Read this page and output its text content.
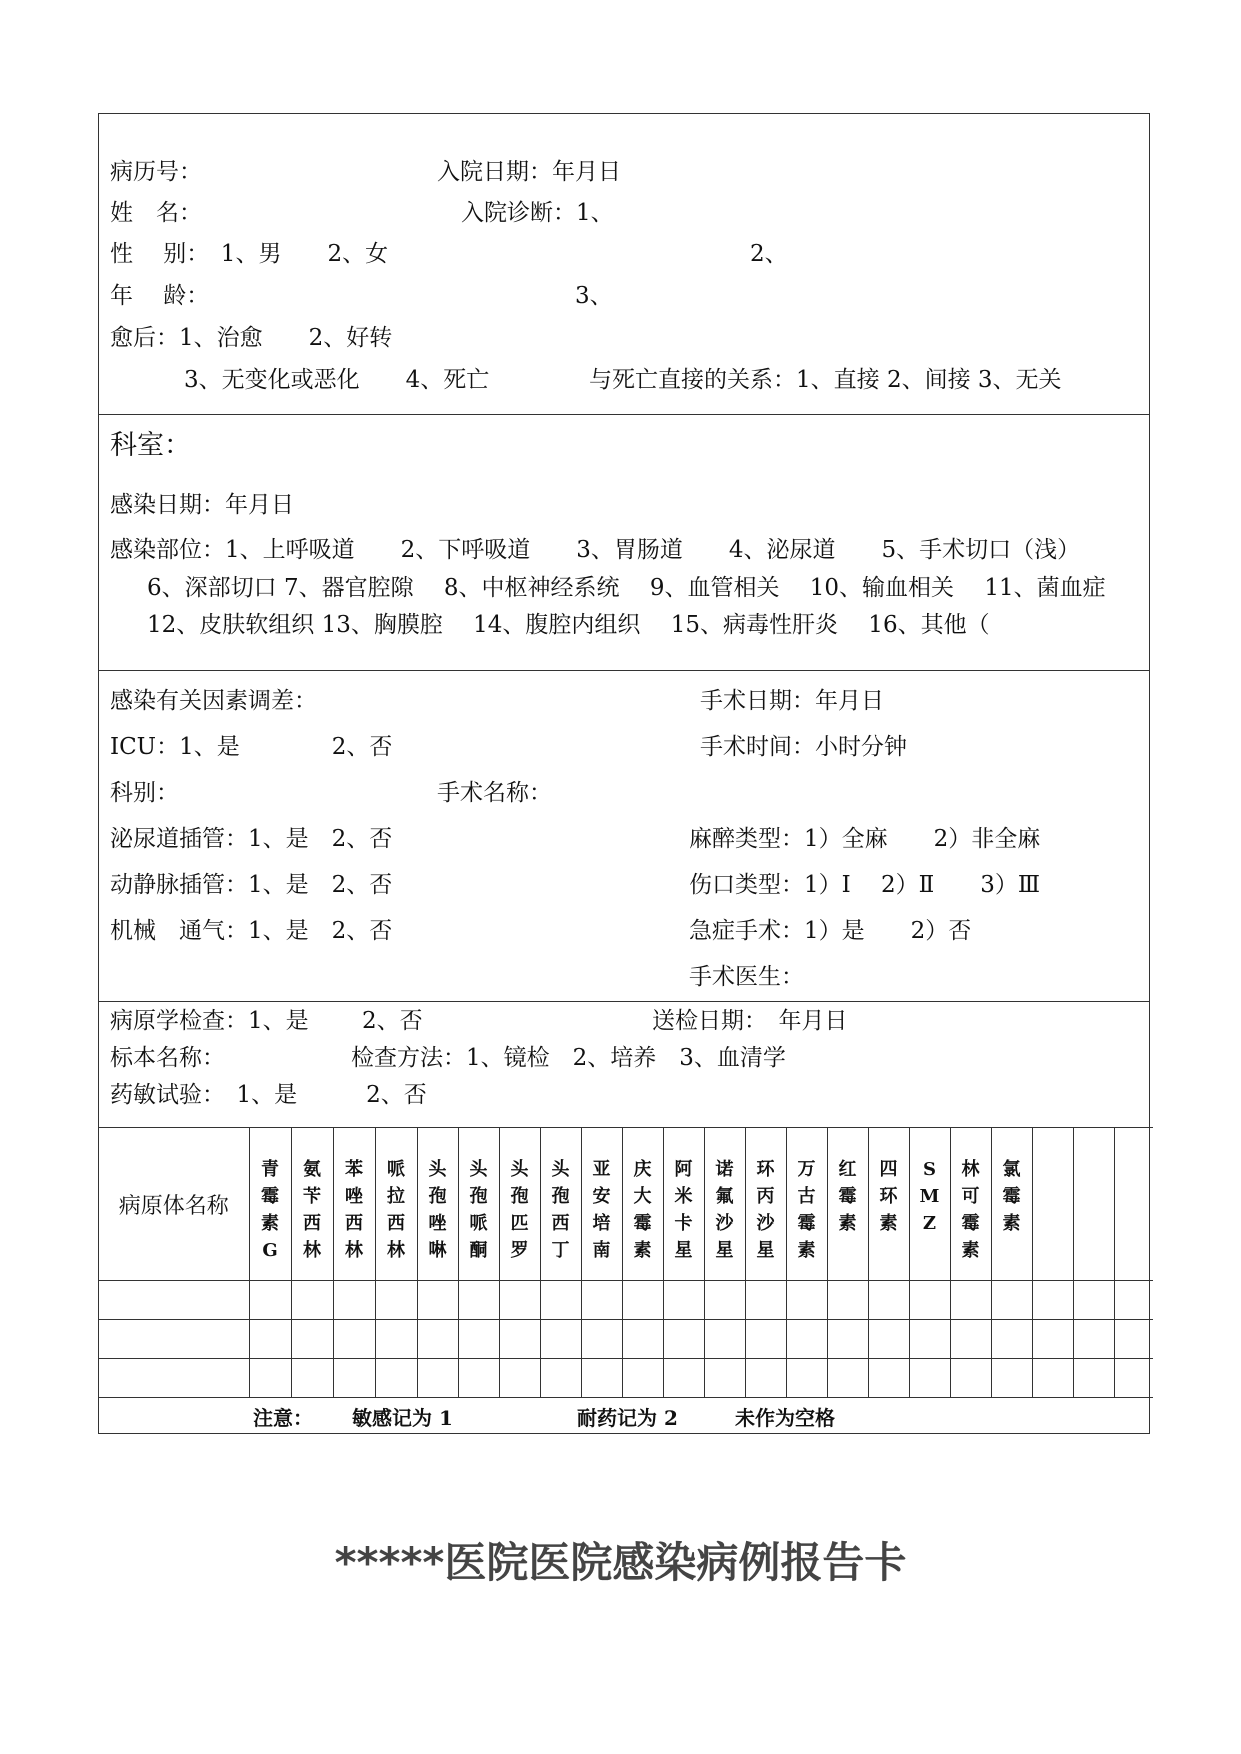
病历号：	入院日期：年月日
姓　名：	入院诊断：1、
性　 别：　1、男　　2、女	2、
年　 龄：	3、
愈后：1、治愈　　2、好转
3、无变化或恶化　　4、死亡	与死亡直接的关系：1、直接 2、间接 3、无关
科室：
感染日期：年月日
感染部位：1、上呼吸道　　2、下呼吸道　　3、胃肠道　　4、泌尿道　　5、手术切口（浅）
6、深部切口 7、器官腔隙　 8、中枢神经系统　 9、血管相关　 10、输血相关　 11、菌血症
12、皮肤软组织 13、胸膜腔　 14、腹腔内组织　 15、病毒性肝炎　 16、其他（
感染有关因素调差：	手术日期：年月日
ICU：1、是　　　　2、否	手术时间：小时分钟
科别：	手术名称：
泌尿道插管：1、是　2、否	麻醉类型：1）全麻　　2）非全麻
动静脉插管：1、是　2、否	伤口类型：1）Ⅰ　 2）Ⅱ　　3）Ⅲ
机械　通气：1、是　2、否	急症手术：1）是　　2）否
手术医生：
病原学检查：1、是　　 2、否	送检日期：　年月日
标本名称：	检查方法：1、镜检　2、培养　3、血清学
药敏试验：　1、是　　　2、否
病原体名称	青霉素G	氨苄西林	苯唑西林	哌拉西林	头孢唑啉	头孢哌酮	头孢匹罗	头孢西丁	亚安培南	庆大霉素	阿米卡星	诺氟沙星	环丙沙星	万古霉素	红霉素	四环素	SMZ	林可霉素	氯霉素			

注意： 敏感记为 1	耐药记为 2	未作为空格
*****医院医院感染病例报告卡
